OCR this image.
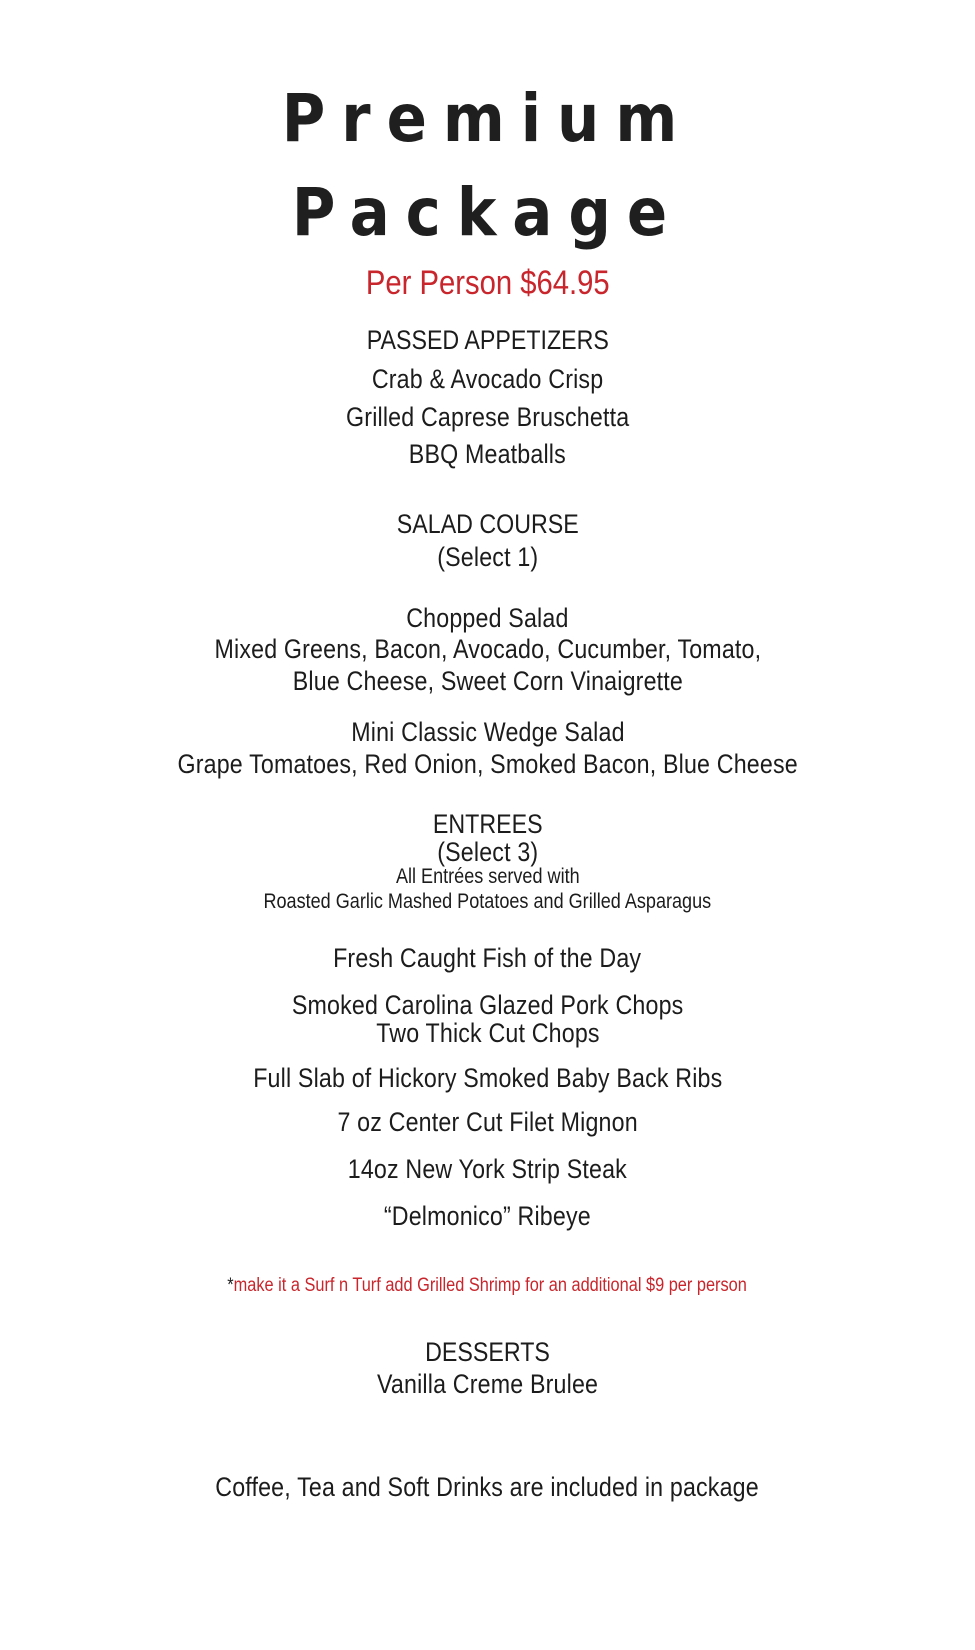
Premium
Package
Per Person $64.95
PASSED APPETIZERS
Crab & Avocado Crisp
Grilled Caprese Bruschetta
BBQ Meatballs
SALAD COURSE
(Select 1)
Chopped Salad
Mixed Greens, Bacon, Avocado, Cucumber, Tomato,
Blue Cheese, Sweet Corn Vinaigrette
Mini Classic Wedge Salad
Grape Tomatoes, Red Onion, Smoked Bacon, Blue Cheese
ENTREES
(Select 3)
All Entrées served with
Roasted Garlic Mashed Potatoes and Grilled Asparagus
Fresh Caught Fish of the Day
Smoked Carolina Glazed Pork Chops
Two Thick Cut Chops
Full Slab of Hickory Smoked Baby Back Ribs
7 oz Center Cut Filet Mignon
14oz New York Strip Steak
“Delmonico” Ribeye
*make it a Surf n Turf add Grilled Shrimp for an additional $9 per person
DESSERTS
Vanilla Creme Brulee
Coffee, Tea and Soft Drinks are included in package
